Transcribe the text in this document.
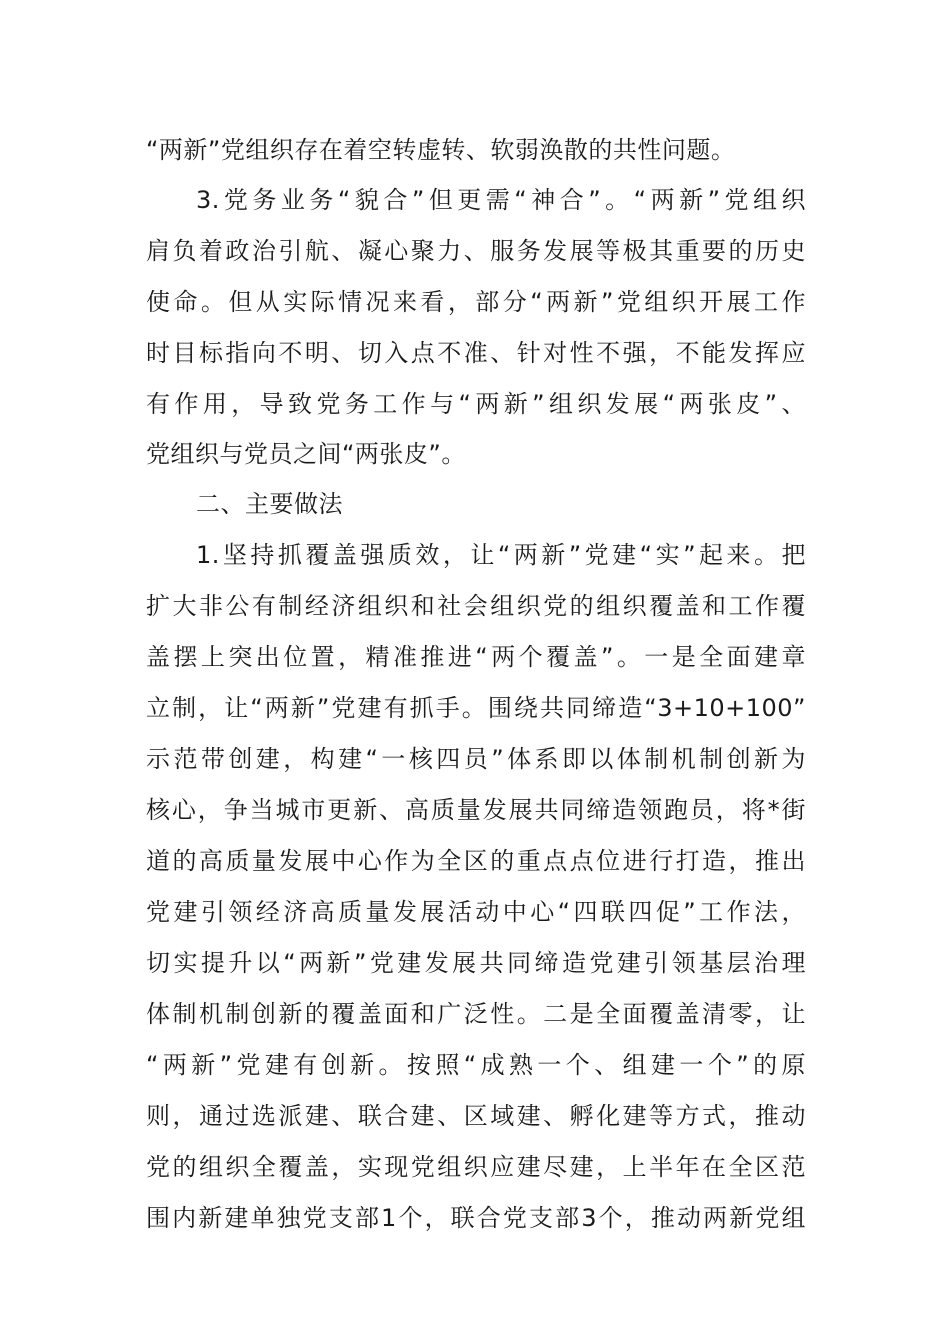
“两新”党组织存在着空转虚转、软弱涣散的共性问题。

3.党务业务“貌合”但更需“神合”。“两新”党组织

肩负着政治引航、凝心聚力、服务发展等极其重要的历史

使命。但从实际情况来看，部分“两新”党组织开展工作

时目标指向不明、切入点不准、针对性不强，不能发挥应

有作用，导致党务工作与“两新”组织发展“两张皮”、

党组织与党员之间“两张皮”。

二、主要做法

1.坚持抓覆盖强质效，让“两新”党建“实”起来。把

扩大非公有制经济组织和社会组织党的组织覆盖和工作覆

盖摆上突出位置，精准推进“两个覆盖”。一是全面建章

立制，让“两新”党建有抓手。围绕共同缔造“3+10+100”

示范带创建，构建“一核四员”体系即以体制机制创新为

核心，争当城市更新、高质量发展共同缔造领跑员，将*街

道的高质量发展中心作为全区的重点点位进行打造，推出

党建引领经济高质量发展活动中心“四联四促”工作法，

切实提升以“两新”党建发展共同缔造党建引领基层治理

体制机制创新的覆盖面和广泛性。二是全面覆盖清零，让

“两新”党建有创新。按照“成熟一个、组建一个”的原

则，通过选派建、联合建、区域建、孵化建等方式，推动

党的组织全覆盖，实现党组织应建尽建，上半年在全区范

围内新建单独党支部1个，联合党支部3个，推动两新党组
